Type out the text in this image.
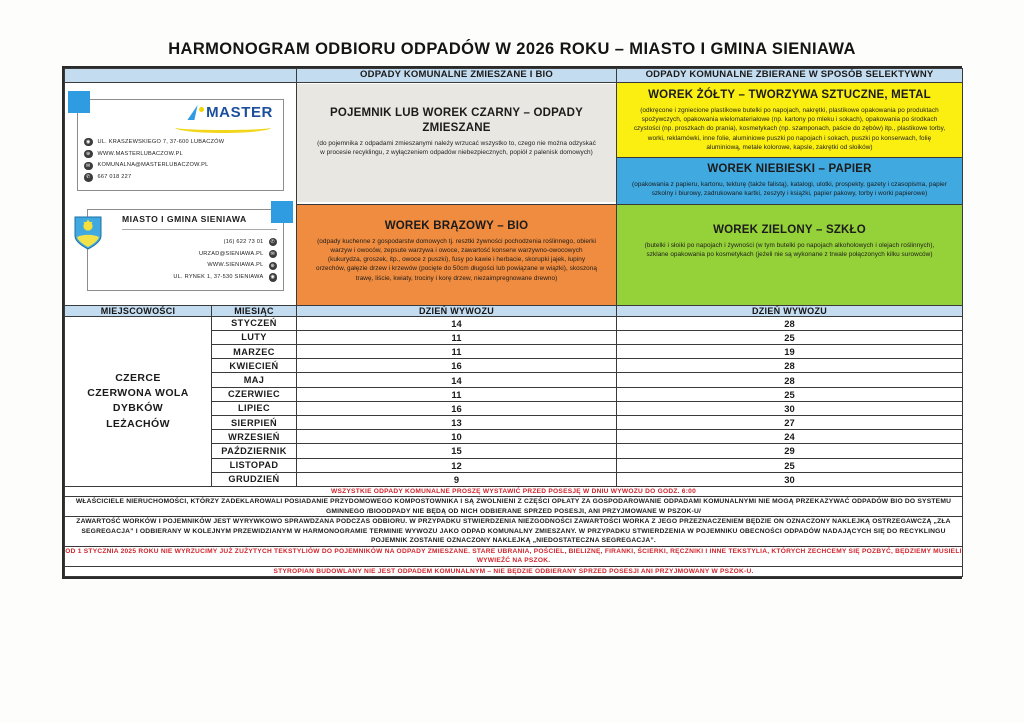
HARMONOGRAM ODBIORU ODPADÓW W 2026 ROKU – MIASTO I GMINA SIENIAWA
		ODPADY KOMUNALNE ZMIESZANE I BIO	ODPADY KOMUNALNE ZBIERANE W SPOSÓB SELEKTYWNY

MASTER
◉	UL. KRASZEWSKIEGO 7, 37-600 LUBACZÓW
⊕	WWW.MASTERLUBACZOW.PL
✉	KOMUNALNA@MASTERLUBACZOW.PL
✆	667 018 227
MIASTO I GMINA SIENIAWA
(16) 622 73 01	✆
URZAD@SIENIAWA.PL	✉
WWW.SIENIAWA.PL	⊕
UL. RYNEK 1, 37-530 SIENIAWA	◉

POJEMNIK LUB WOREK CZARNY – ODPADY ZMIESZANE
(do pojemnika z odpadami zmieszanymi należy wrzucać wszystko to, czego nie można odzyskać w procesie recyklingu, z wyłączeniem odpadów niebezpiecznych, popiół z palenisk domowych)

WOREK ŻÓŁTY – TWORZYWA SZTUCZNE, METAL
(odkręcone i zgniecione plastikowe butelki po napojach, nakrętki, plastikowe opakowania po produktach spożywczych, opakowania wielomateriałowe (np. kartony po mleku i sokach), opakowania po środkach czystości (np. proszkach do prania), kosmetykach (np. szamponach, paście do zębów) itp., plastikowe torby, worki, reklamówki, inne folie, aluminiowe puszki po napojach i sokach, puszki po konserwach, folię aluminiową, metale kolorowe, kapsle, zakrętki od słoików)
WOREK NIEBIESKI – PAPIER
(opakowania z papieru, kartonu, tekturę (także falistą), katalogi, ulotki, prospekty, gazety i czasopisma, papier szkolny i biurowy, zadrukowane kartki, zeszyty i książki, papier pakowy, torby i worki papierowe)

WOREK BRĄZOWY – BIO
(odpady kuchenne z gospodarstw domowych tj. resztki żywności pochodzenia roślinnego, obierki warzyw i owoców, zepsute warzywa i owoce, zawartość konserw warzywno-owocowych (kukurydza, groszek, itp., owoce z puszki), fusy po kawie i herbacie, skorupki jajek, łupiny orzechów, gałęzie drzew i krzewów (pocięte do 50cm długości lub powiązane w wiązki), skoszoną trawę, liście, kwiaty, trociny i korę drzew, niezaimpregnowane drewno)

WOREK ZIELONY – SZKŁO
(butelki i słoiki po napojach i żywności (w tym butelki po napojach alkoholowych i olejach roślinnych), szklane opakowania po kosmetykach (jeżeli nie są wykonane z trwale połączonych kilku surowców)

MIEJSCOWOŚCI	MIESIĄC	DZIEŃ WYWOZU	DZIEŃ WYWOZU

CZERCE
CZERWONA WOLA
DYBKÓW
LEŻACHÓW	STYCZEŃ	14	28
	LUTY	11	25
	MARZEC	11	19
	KWIECIEŃ	16	28
	MAJ	14	28
	CZERWIEC	11	25
	LIPIEC	16	30
	SIERPIEŃ	13	27
	WRZESIEŃ	10	24
	PAŹDZIERNIK	15	29
	LISTOPAD	12	25
	GRUDZIEŃ	9	30
WSZYSTKIE ODPADY KOMUNALNE PROSZĘ WYSTAWIĆ PRZED POSESJĘ W DNIU WYWOZU DO GODZ. 6:00			
WŁAŚCICIELE NIERUCHOMOŚCI, KTÓRZY ZADEKLAROWALI POSIADANIE PRZYDOMOWEGO KOMPOSTOWNIKA I SĄ ZWOLNIENI Z CZĘŚCI OPŁATY ZA GOSPODAROWANIE ODPADAMI KOMUNALNYMI NIE MOGĄ PRZEKAZYWAĆ ODPADÓW BIO DO SYSTEMU GMINNEGO /BIOODPADY NIE BĘDĄ OD NICH ODBIERANE SPRZED POSESJI, ANI PRZYJMOWANE W PSZOK-U/			
ZAWARTOŚĆ WORKÓW I POJEMNIKÓW JEST WYRYWKOWO SPRAWDZANA PODCZAS ODBIORU. W PRZYPADKU STWIERDZENIA NIEZGODNOŚCI ZAWARTOŚCI WORKA Z JEGO PRZEZNACZENIEM BĘDZIE ON OZNACZONY NAKLEJKĄ OSTRZEGAWCZĄ „ZŁA SEGREGACJA” I ODBIERANY W KOLEJNYM PRZEWIDZIANYM W HARMONOGRAMIE TERMINIE WYWOZU JAKO ODPAD KOMUNALNY ZMIESZANY. W PRZYPADKU STWIERDZENIA W POJEMNIKU OBECNOŚCI ODPADÓW NADAJĄCYCH SIĘ DO RECYKLINGU POJEMNIK ZOSTANIE OZNACZONY NAKLEJKĄ „NIEDOSTATECZNA SEGREGACJA”.			
OD 1 STYCZNIA 2025 ROKU NIE WYRZUCIMY JUŻ ZUŻYTYCH TEKSTYLIÓW DO POJEMNIKÓW NA ODPADY ZMIESZANE. STARE UBRANIA, POŚCIEL, BIELIZNĘ, FIRANKI, ŚCIERKI, RĘCZNIKI I INNE TEKSTYLIA, KTÓRYCH ZECHCEMY SIĘ POZBYĆ, BĘDZIEMY MUSIELI WYWIEŹĆ NA PSZOK.			
STYROPIAN BUDOWLANY NIE JEST ODPADEM KOMUNALNYM – NIE BĘDZIE ODBIERANY SPRZED POSESJI ANI PRZYJMOWANY W PSZOK-U.			
